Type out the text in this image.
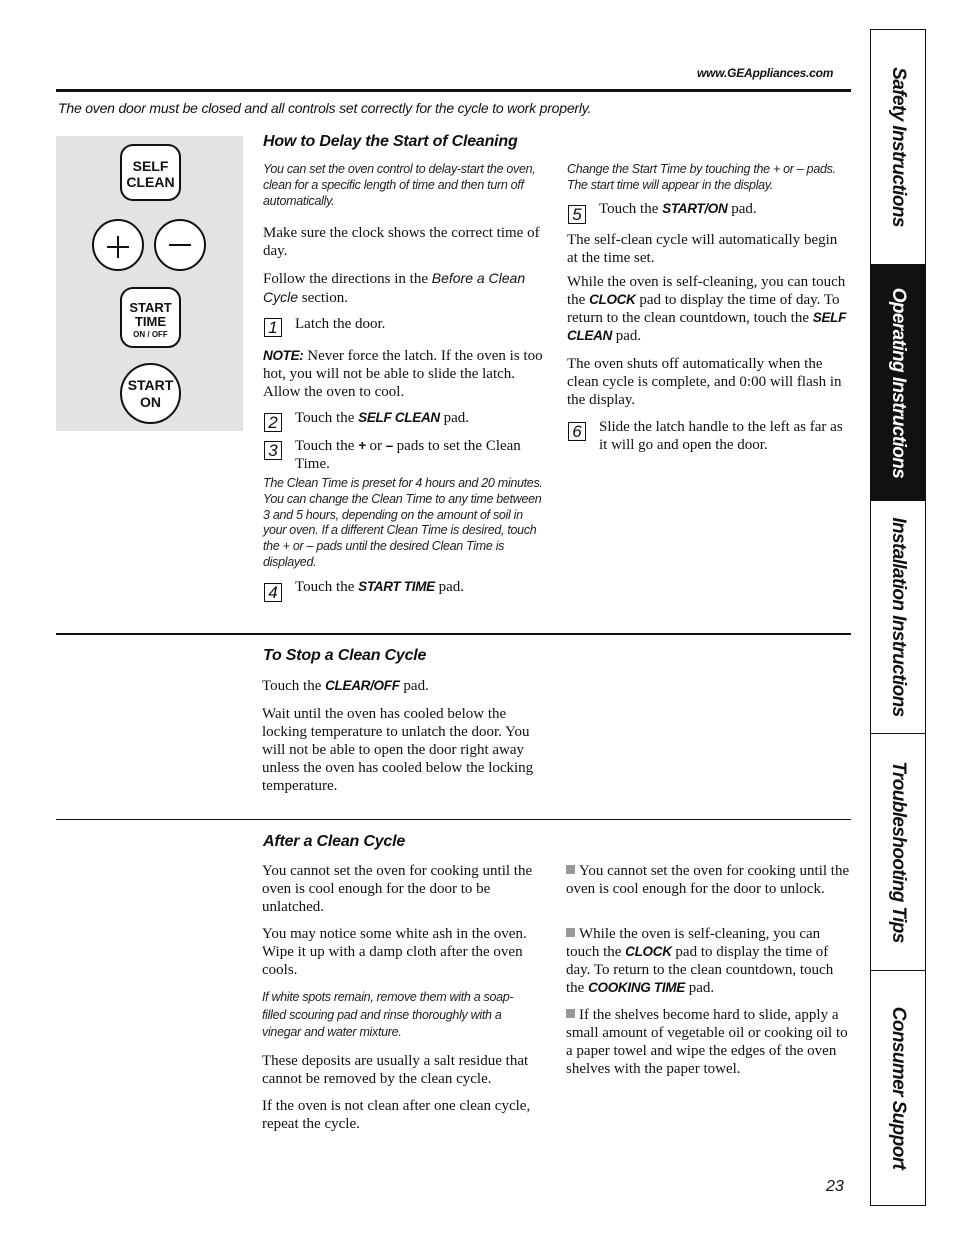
www.GEAppliances.com
The oven door must be closed and all controls set correctly for the cycle to work properly.
SELF
CLEAN
START
TIME
ON / OFF
START
ON
How to Delay the Start of Cleaning
You can set the oven control to delay-start the oven, clean for a specific length of time and then turn off automatically.
Make sure the clock shows the correct time of day.
Follow the directions in the Before a Clean Cycle section.
1 Latch the door.
NOTE: Never force the latch. If the oven is too hot, you will not be able to slide the latch. Allow the oven to cool.
2 Touch the SELF CLEAN pad.
3 Touch the + or – pads to set the Clean Time.
The Clean Time is preset for 4 hours and 20 minutes. You can change the Clean Time to any time between 3 and 5 hours, depending on the amount of soil in your oven. If a different Clean Time is desired, touch the + or – pads until the desired Clean Time is displayed.
4 Touch the START TIME pad.
Change the Start Time by touching the + or – pads. The start time will appear in the display.
5 Touch the START/ON pad.
The self-clean cycle will automatically begin at the time set.
While the oven is self-cleaning, you can touch the CLOCK pad to display the time of day. To return to the clean countdown, touch the SELF CLEAN pad.
The oven shuts off automatically when the clean cycle is complete, and 0:00 will flash in the display.
6 Slide the latch handle to the left as far as it will go and open the door.
To Stop a Clean Cycle
Touch the CLEAR/OFF pad.
Wait until the oven has cooled below the locking temperature to unlatch the door. You will not be able to open the door right away unless the oven has cooled below the locking temperature.
After a Clean Cycle
You cannot set the oven for cooking until the oven is cool enough for the door to be unlatched.
You may notice some white ash in the oven. Wipe it up with a damp cloth after the oven cools.
If white spots remain, remove them with a soap-filled scouring pad and rinse thoroughly with a vinegar and water mixture.
These deposits are usually a salt residue that cannot be removed by the clean cycle.
If the oven is not clean after one clean cycle, repeat the cycle.
You cannot set the oven for cooking until the oven is cool enough for the door to unlock.
While the oven is self-cleaning, you can touch the CLOCK pad to display the time of day. To return to the clean countdown, touch the COOKING TIME pad.
If the shelves become hard to slide, apply a small amount of vegetable oil or cooking oil to a paper towel and wipe the edges of the oven shelves with the paper towel.
Safety Instructions
Operating Instructions
Installation Instructions
Troubleshooting Tips
Consumer Support
23
